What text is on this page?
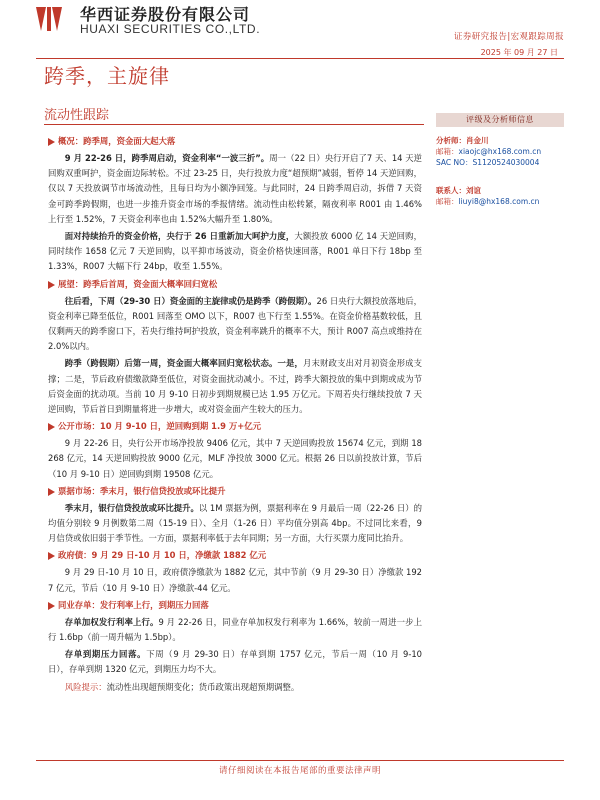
华西证券股份有限公司
HUAXI SECURITIES CO.,LTD.
证券研究报告|宏观跟踪周报
2025 年 09 月 27 日
跨季，主旋律
流动性跟踪	评级及分析师信息
分析师：肖金川
邮箱：xiaojc@hx168.com.cn
SAC NO：S1120524030004
联系人：刘谊
邮箱：liuyi8@hx168.com.cn
概况：跨季周，资金面大起大落
9 月 22-26 日，跨季周启动，资金利率“一波三折”。周一（22 日）央行开启了7 天、14 天逆回购双重呵护，资金面边际转松。不过 23-25 日，央行投放力度“超预期”减弱，暂停 14 天逆回购，仅以 7 天投放调节市场流动性，且每日均为小额净回笼。与此同时，24 日跨季周启动，拆借 7 天资金可跨季跨假期，也进一步推升资金市场的季报情绪。流动性由松转紧，隔夜利率 R001 由 1.46%上行至 1.52%，7 天资金利率也由 1.52%大幅升至 1.80%。
面对持续抬升的资金价格，央行于 26 日重新加大呵护力度，大额投放 6000 亿 14 天逆回购，同时续作 1658 亿元 7 天逆回购，以平抑市场波动，资金价格快速回落，R001 单日下行 18bp 至 1.33%，R007 大幅下行 24bp，收至 1.55%。
展望：跨季后首周，资金面大概率回归宽松
往后看，下周（29-30 日）资金面的主旋律或仍是跨季（跨假期）。26 日央行大额投放落地后，资金利率已降至低位，R001 回落至 OMO 以下，R007 也下行至 1.55%。在资金价格基数较低，且仅剩两天的跨季窗口下，若央行维持呵护投放，资金利率跳升的概率不大，预计 R007 高点或维持在 2.0%以内。
跨季（跨假期）后第一周，资金面大概率回归宽松状态。一是，月末财政支出对月初资金形成支撑；二是，节后政府债缴款降至低位，对资金面扰动减小。不过，跨季大额投放的集中到期或成为节后资金面的扰动项。当前 10 月 9-10 日初步到期规模已达 1.95 万亿元。下周若央行继续投放 7 天逆回购，节后首日到期量将进一步增大，或对资金面产生较大的压力。
公开市场：10 月 9-10 日，逆回购到期 1.9 万+亿元
9 月 22-26 日，央行公开市场净投放 9406 亿元，其中 7 天逆回购投放 15674 亿元，到期 18268 亿元，14 天逆回购投放 9000 亿元，MLF 净投放 3000 亿元。根据 26 日以前投放计算，节后（10 月 9-10 日）逆回购到期 19508 亿元。
票据市场：季末月，银行信贷投放或环比提升
季末月，银行信贷投放或环比提升。以 1M 票据为例，票据利率在 9 月最后一周（22-26 日）的均值分别较 9 月例数第二周（15-19 日）、全月（1-26 日）平均值分别高 4bp。不过同比来看，9 月信贷或依旧弱于季节性。一方面，票据利率低于去年同期；另一方面，大行买票力度同比抬升。
政府债：9 月 29 日-10 月 10 日，净缴款 1882 亿元
9 月 29 日-10 月 10 日，政府债净缴款为 1882 亿元，其中节前（9 月 29-30 日）净缴款 1927 亿元，节后（10 月 9-10 日）净缴款-44 亿元。
同业存单：发行利率上行，到期压力回落
存单加权发行利率上行。9 月 22-26 日，同业存单加权发行利率为 1.66%，较前一周进一步上行 1.6bp（前一周升幅为 1.5bp）。
存单到期压力回落。下周（9 月 29-30 日）存单到期 1757 亿元，节后一周（10 月 9-10 日），存单到期 1320 亿元，到期压力均不大。
风险提示：流动性出现超预期变化；货币政策出现超预期调整。
请仔细阅读在本报告尾部的重要法律声明
